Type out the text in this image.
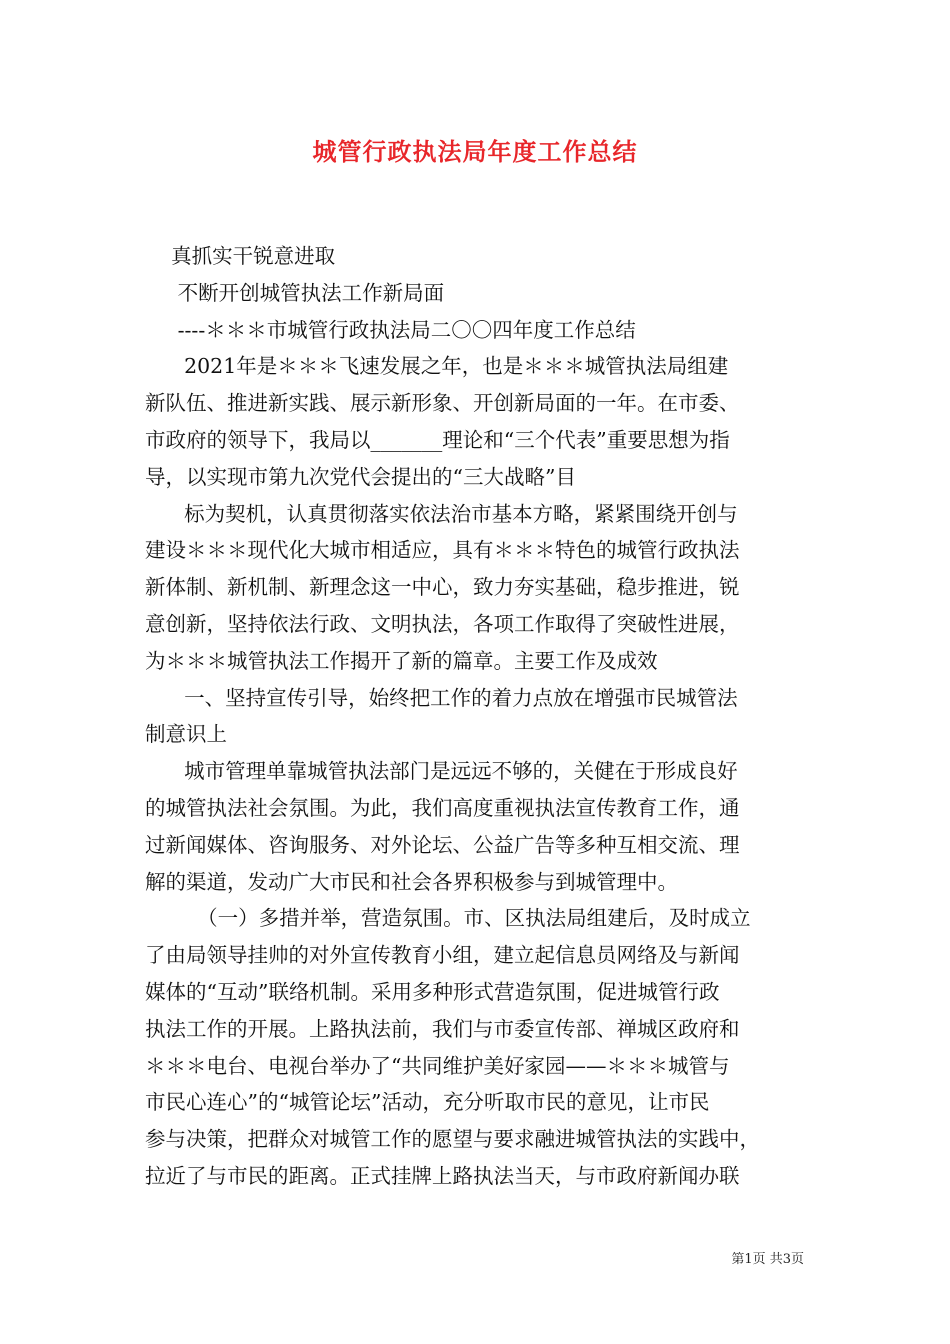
城管行政执法局年度工作总结
真抓实干锐意进取
不断开创城管执法工作新局面
----＊＊＊市城管行政执法局二〇〇四年度工作总结
2021年是＊＊＊飞速发展之年，也是＊＊＊城管执法局组建
新队伍、推进新实践、展示新形象、开创新局面的一年。在市委、
市政府的领导下，我局以_______理论和“三个代表”重要思想为指
导，以实现市第九次党代会提出的“三大战略”目
标为契机，认真贯彻落实依法治市基本方略，紧紧围绕开创与
建设＊＊＊现代化大城市相适应，具有＊＊＊特色的城管行政执法
新体制、新机制、新理念这一中心，致力夯实基础，稳步推进，锐
意创新，坚持依法行政、文明执法，各项工作取得了突破性进展，
为＊＊＊城管执法工作揭开了新的篇章。主要工作及成效
一、坚持宣传引导，始终把工作的着力点放在增强市民城管法
制意识上
城市管理单靠城管执法部门是远远不够的，关健在于形成良好
的城管执法社会氛围。为此，我们高度重视执法宣传教育工作，通
过新闻媒体、咨询服务、对外论坛、公益广告等多种互相交流、理
解的渠道，发动广大市民和社会各界积极参与到城管理中。
（一）多措并举，营造氛围。市、区执法局组建后，及时成立
了由局领导挂帅的对外宣传教育小组，建立起信息员网络及与新闻
媒体的“互动”联络机制。采用多种形式营造氛围，促进城管行政
执法工作的开展。上路执法前，我们与市委宣传部、禅城区政府和
＊＊＊电台、电视台举办了“共同维护美好家园——＊＊＊城管与
市民心连心”的“城管论坛”活动，充分听取市民的意见，让市民
参与决策，把群众对城管工作的愿望与要求融进城管执法的实践中，
拉近了与市民的距离。正式挂牌上路执法当天，与市政府新闻办联
第1页 共3页
